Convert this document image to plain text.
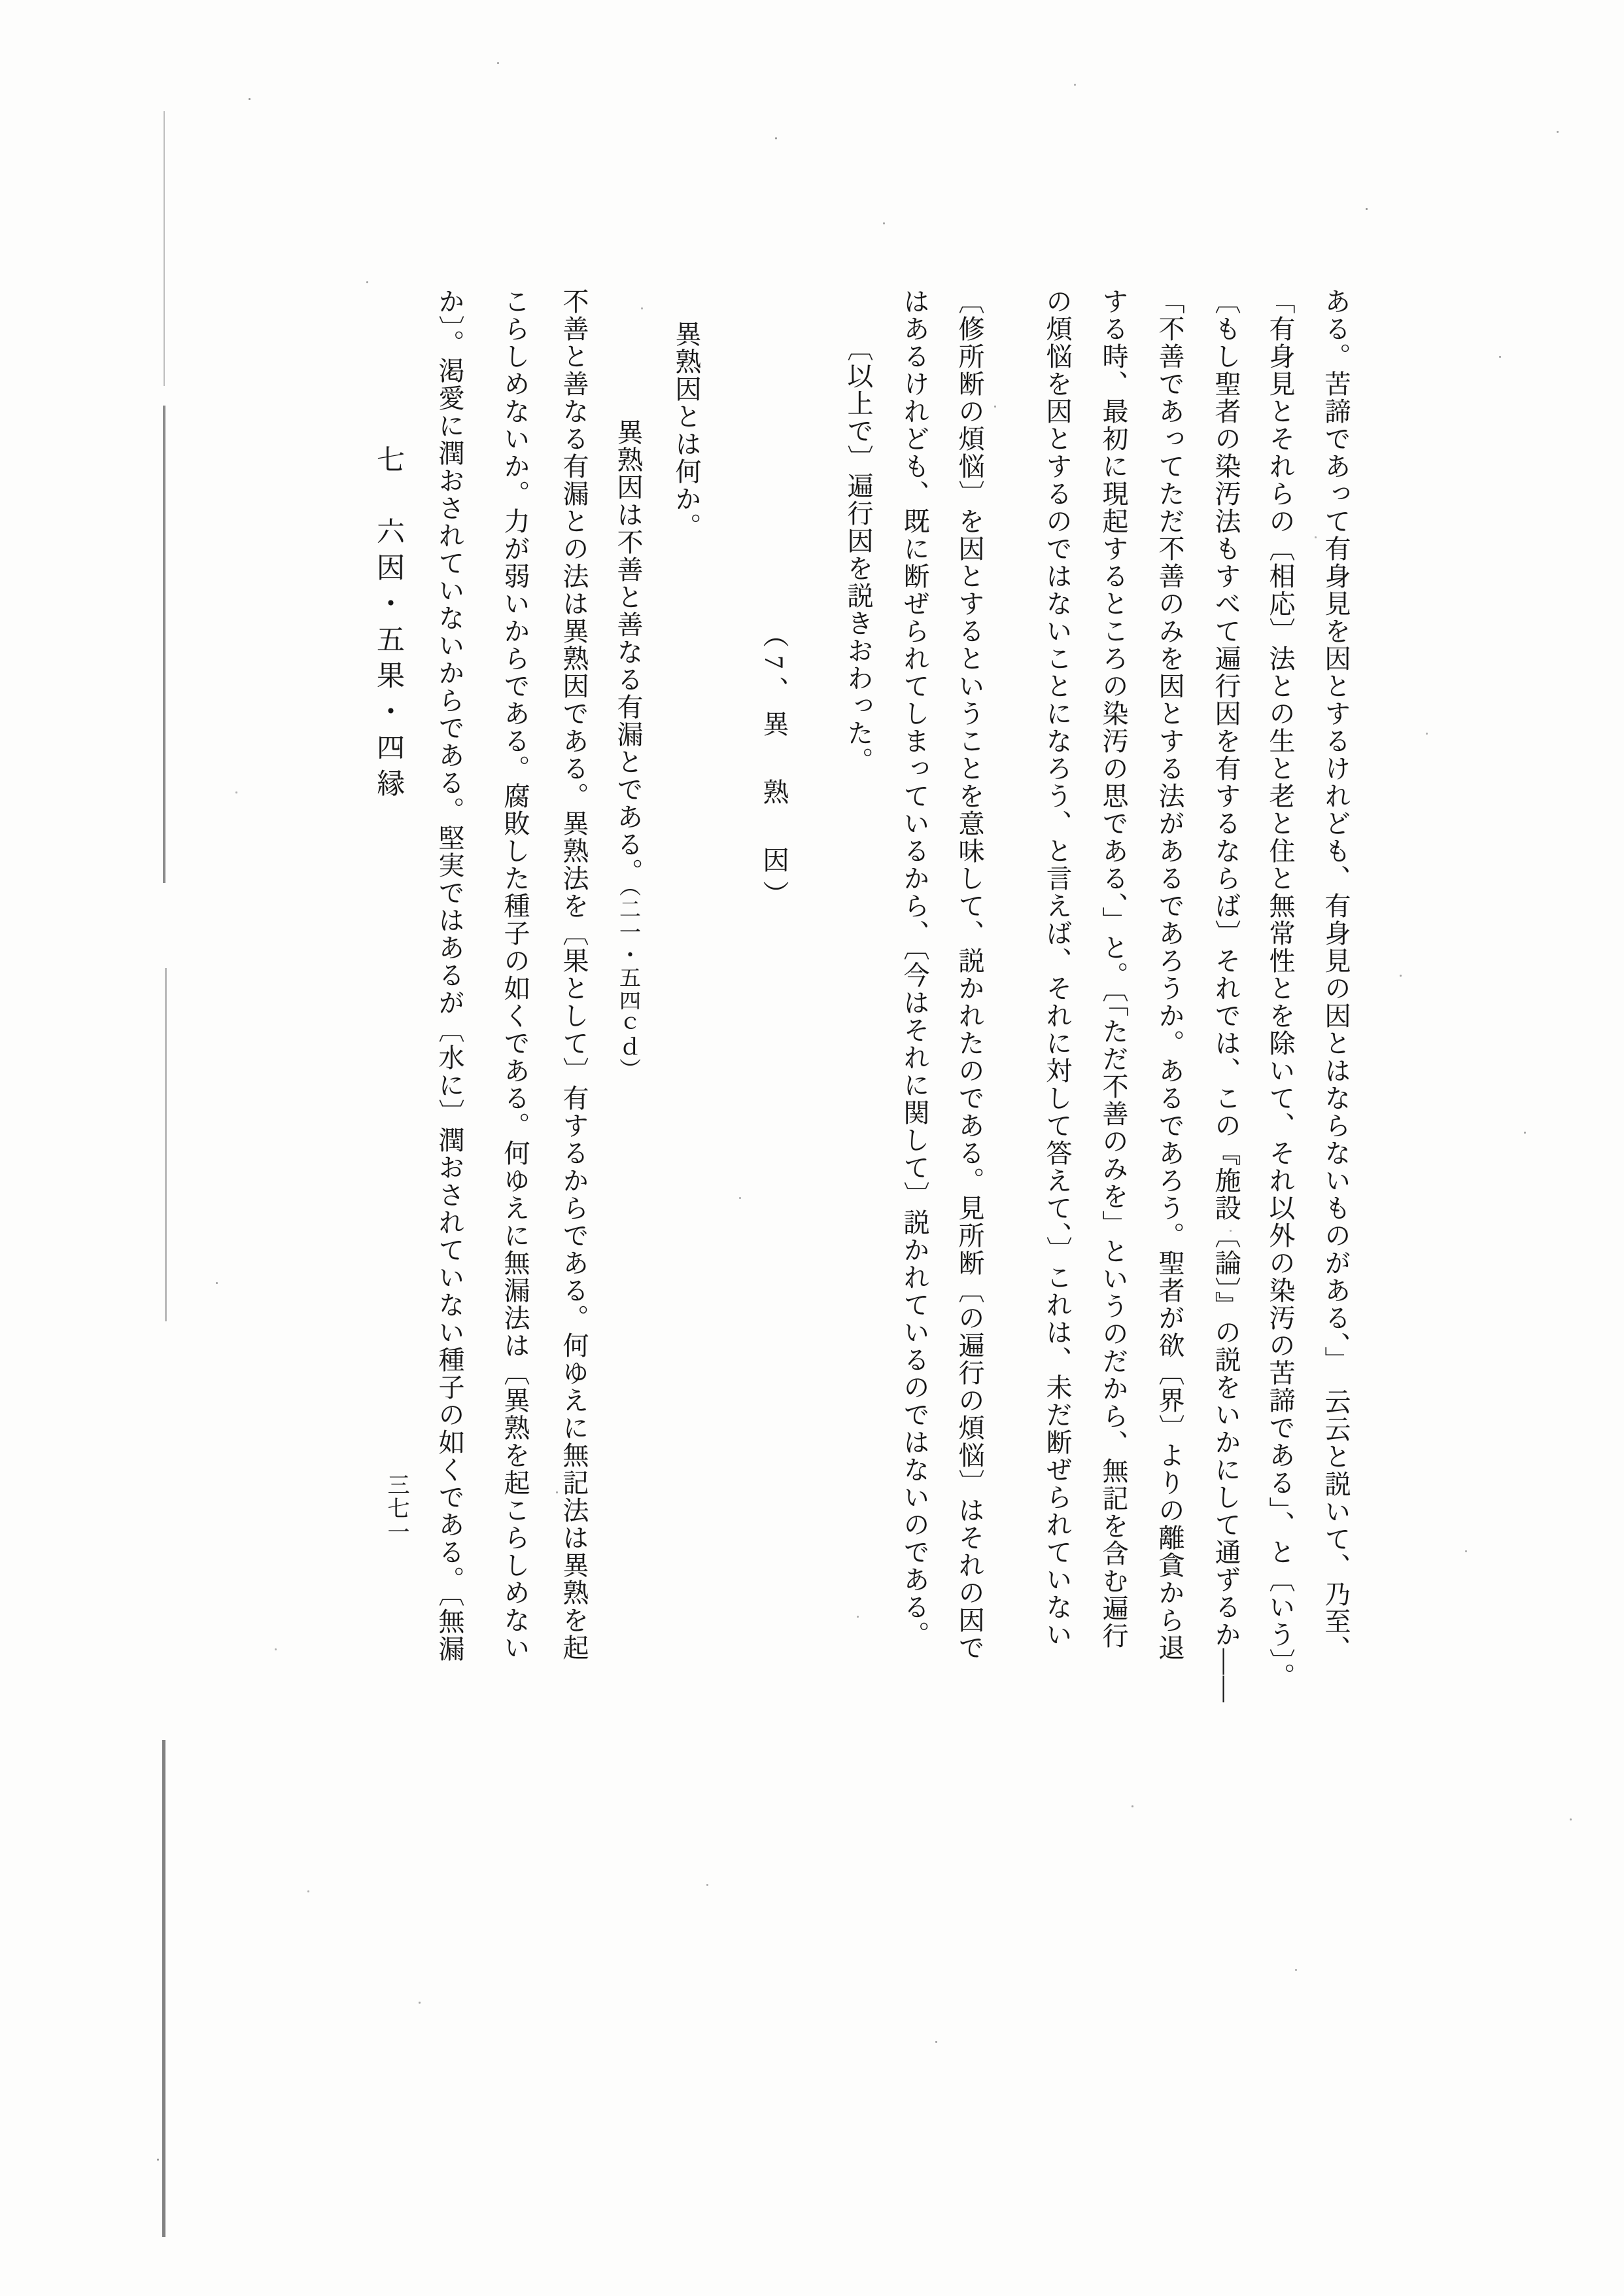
ある。苦諦であって有身見を因とするけれども、有身見の因とはならないものがある、」　云云と説いて、乃至、
「有身見とそれらの〔相応〕法との生と老と住と無常性とを除いて、それ以外の染汚の苦諦である」、と〔いう〕。
〔もし聖者の染汚法もすべて遍行因を有するならば〕それでは、この『施設〔論〕』の説をいかにして通ずるか――
「不善であってただ不善のみを因とする法があるであろうか。あるであろう。聖者が欲〔界〕よりの離貪から退
する時、最初に現起するところの染汚の思である、」と。〔「ただ不善のみを」というのだから、無記を含む遍行
の煩悩を因とするのではないことになろう、と言えば、それに対して答えて、〕これは、未だ断ぜられていない
〔修所断の煩悩〕を因とするということを意味して、説かれたのである。見所断〔の遍行の煩悩〕はそれの因で
はあるけれども、既に断ぜられてしまっているから、〔今はそれに関して〕説かれているのではないのである。
〔以上で〕遍行因を説きおわった。
（7、異　熟　因）
異熟因とは何か。
異熟因は不善と善なる有漏とである。（二一・五四ｃｄ）
不善と善なる有漏との法は異熟因である。異熟法を〔果として〕有するからである。何ゆえに無記法は異熟を起
こらしめないか。力が弱いからである。腐敗した種子の如くである。何ゆえに無漏法は〔異熟を起こらしめない
か〕。渇愛に潤おされていないからである。堅実ではあるが〔水に〕潤おされていない種子の如くである。〔無漏
七　六因・五果・四縁
三七一
